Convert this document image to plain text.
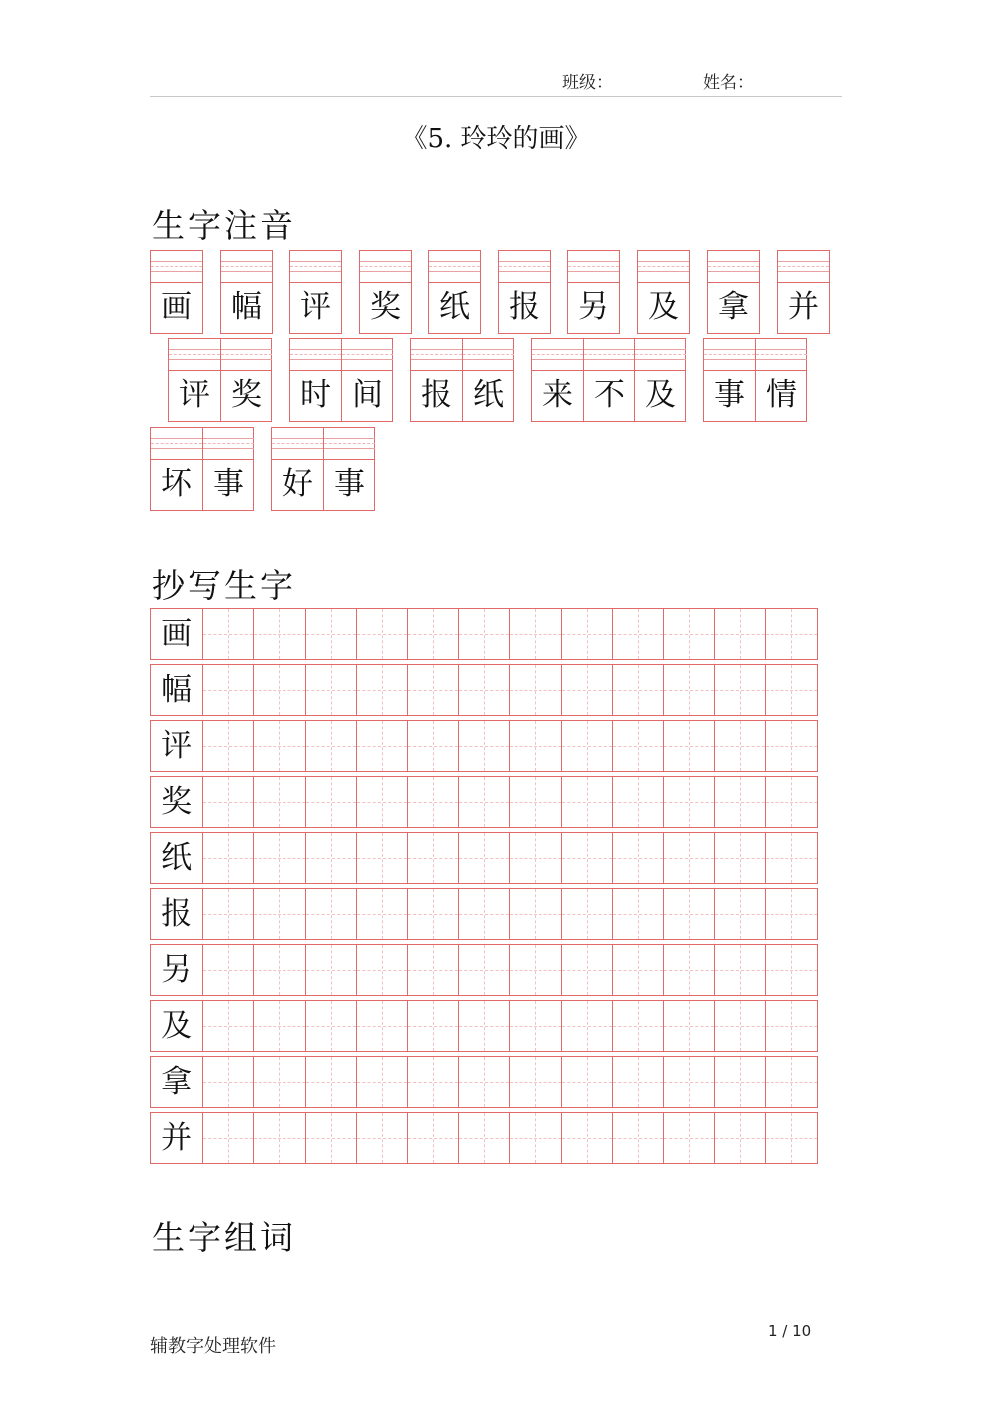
班级：	姓名：
《5. 玲玲的画》
生字注音
画	幅	评	奖	纸	报	另	及	拿	并
评 奖	时 间	报 纸	来 不 及	事 情
坏 事	好 事
抄写生字
画
幅
评
奖
纸
报
另
及
拿
并
生字组词
辅教字处理软件
1 / 10
